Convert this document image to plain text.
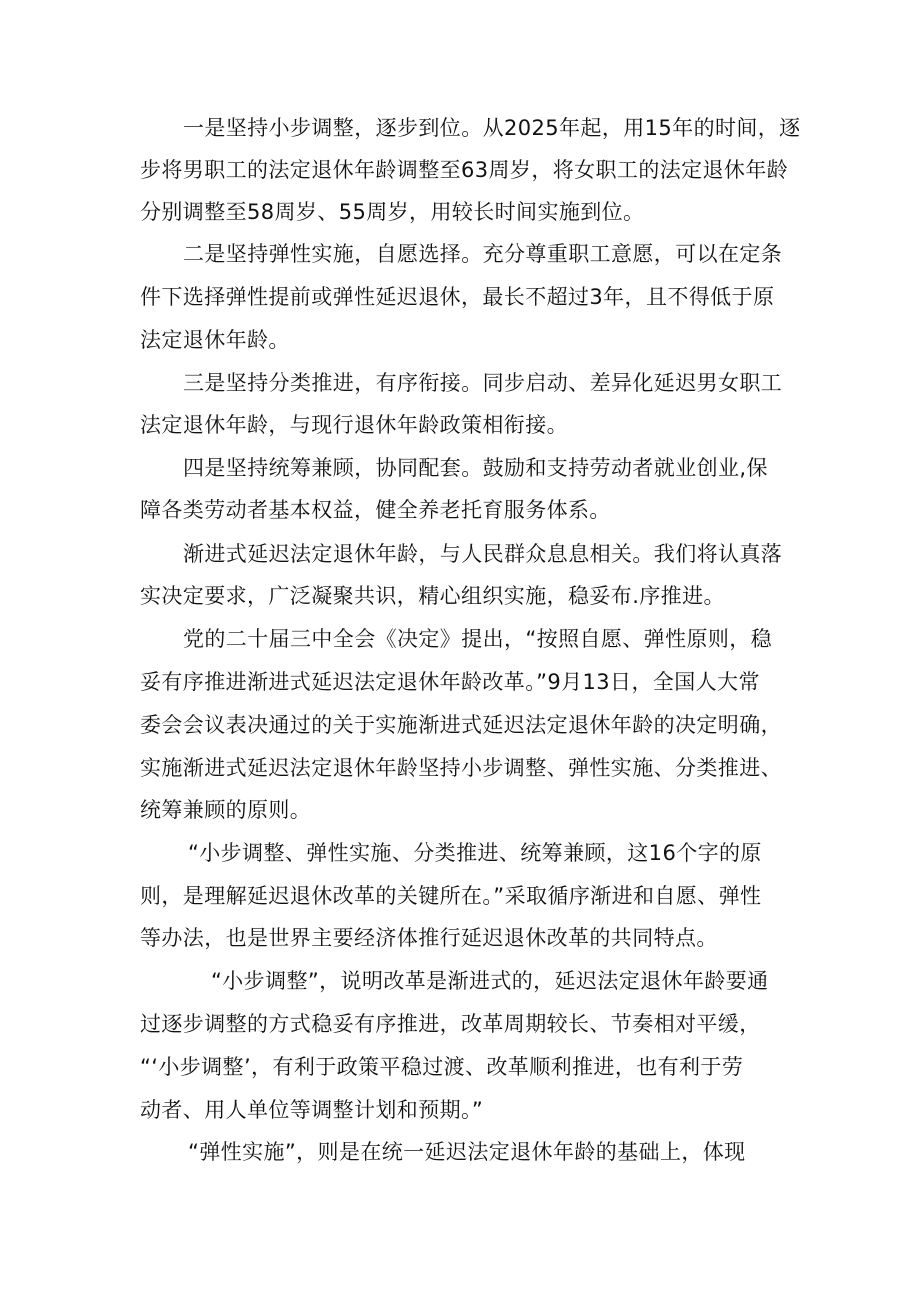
一是坚持小步调整，逐步到位。从2025年起，用15年的时间，逐
步将男职工的法定退休年龄调整至63周岁，将女职工的法定退休年龄
分别调整至58周岁、55周岁，用较长时间实施到位。
二是坚持弹性实施，自愿选择。充分尊重职工意愿，可以在定条
件下选择弹性提前或弹性延迟退休，最长不超过3年，且不得低于原
法定退休年龄。
三是坚持分类推进，有序衔接。同步启动、差异化延迟男女职工
法定退休年龄，与现行退休年龄政策相衔接。
四是坚持统筹兼顾，协同配套。鼓励和支持劳动者就业创业,保
障各类劳动者基本权益，健全养老托育服务体系。
渐进式延迟法定退休年龄，与人民群众息息相关。我们将认真落
实决定要求，广泛凝聚共识，精心组织实施，稳妥布.序推进。
党的二十届三中全会《决定》提出，“按照自愿、弹性原则，稳
妥有序推进渐进式延迟法定退休年龄改革。”9月13日，全国人大常
委会会议表决通过的关于实施渐进式延迟法定退休年龄的决定明确，
实施渐进式延迟法定退休年龄坚持小步调整、弹性实施、分类推进、
统筹兼顾的原则。
“小步调整、弹性实施、分类推进、统筹兼顾，这16个字的原
则，是理解延迟退休改革的关键所在。”采取循序渐进和自愿、弹性
等办法，也是世界主要经济体推行延迟退休改革的共同特点。
“小步调整”，说明改革是渐进式的，延迟法定退休年龄要通
过逐步调整的方式稳妥有序推进，改革周期较长、节奏相对平缓，
“‘小步调整’，有利于政策平稳过渡、改革顺利推进，也有利于劳
动者、用人单位等调整计划和预期。”
“弹性实施”，则是在统一延迟法定退休年龄的基础上，体现
